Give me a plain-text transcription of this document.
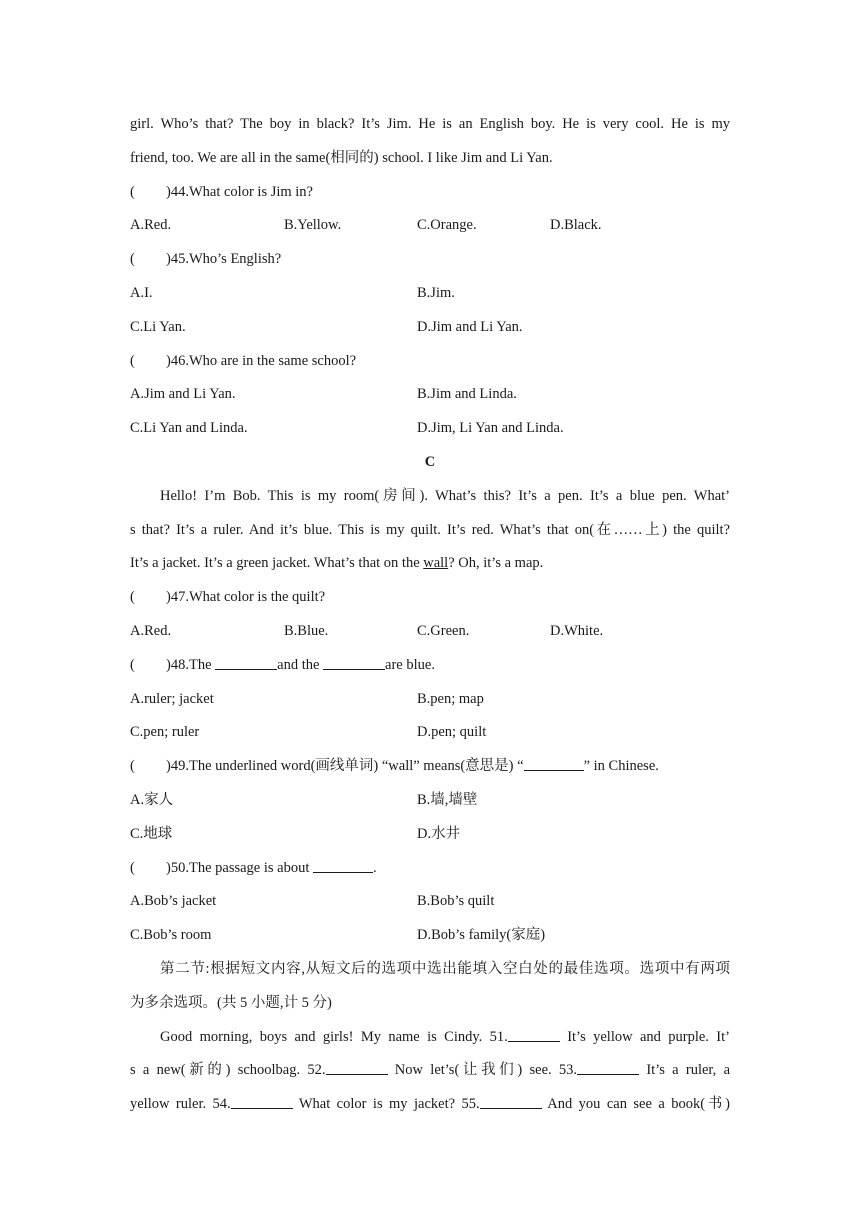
girl. Who’s that? The boy in black? It’s Jim. He is an English boy. He is very cool. He is my
friend, too. We are all in the same(相同的) school. I like Jim and Li Yan.
( )44.What color is Jim in?
A.Red.	B.Yellow.	C.Orange.	D.Black.
( )45.Who’s English?
A.I.	B.Jim.
C.Li Yan.	D.Jim and Li Yan.
( )46.Who are in the same school?
A.Jim and Li Yan.	B.Jim and Linda.
C.Li Yan and Linda.	D.Jim, Li Yan and Linda.
C
Hello! I’m Bob. This is my room(房间). What’s this? It’s a pen. It’s a blue pen. What’
s that? It’s a ruler. And it’s blue. This is my quilt. It’s red. What’s that on(在……上) the quilt?
It’s a jacket. It’s a green jacket. What’s that on the wall? Oh, it’s a map.
( )47.What color is the quilt?
A.Red.	B.Blue.	C.Green.	D.White.
( )48.The	and the	are blue.
A.ruler; jacket	B.pen; map
C.pen; ruler	D.pen; quilt
( )49.The underlined word(画线单词) “wall” means(意思是) “	” in Chinese.
A.家人	B.墙,墙壁
C.地球	D.水井
( )50.The passage is about	.
A.Bob’s jacket	B.Bob’s quilt
C.Bob’s room	D.Bob’s family(家庭)
第二节:根据短文内容,从短文后的选项中选出能填入空白处的最佳选项。选项中有两项
为多余选项。(共 5 小题,计 5 分)
Good morning, boys and girls! My name is Cindy. 51.	It’s yellow and purple. It’
s a new(新的) schoolbag. 52.	Now let’s(让我们) see. 53.	It’s a ruler, a
yellow ruler. 54.	What color is my jacket? 55.	And you can see a book(书)
